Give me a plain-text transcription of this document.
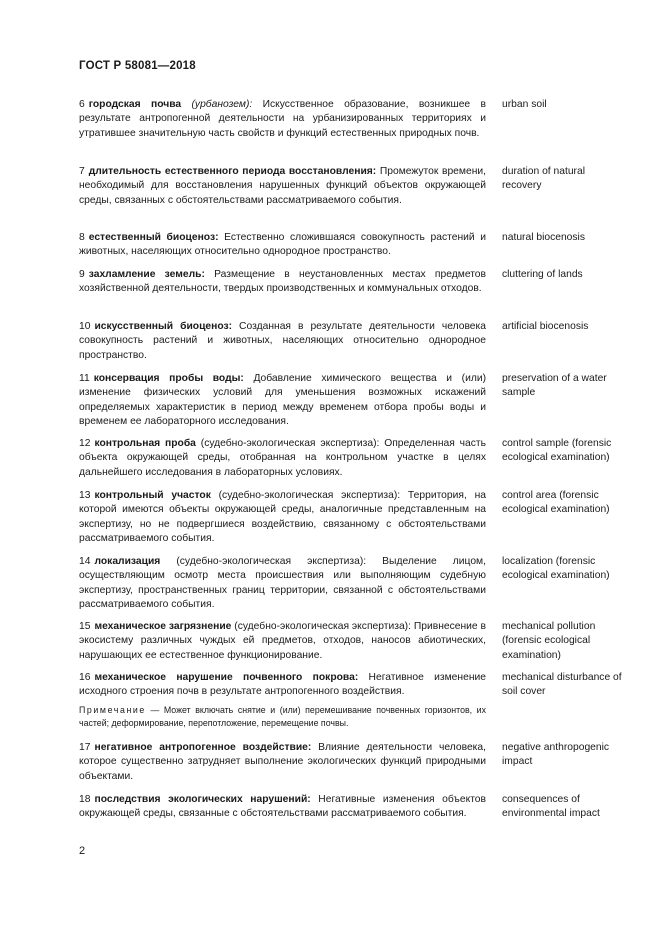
ГОСТ Р 58081—2018
6 городская почва (урбанозем): Искусственное образование, возникшее в результате антропогенной деятельности на урбанизированных территориях и утратившее значительную часть свойств и функций естественных природных почв.
urban soil
7 длительность естественного периода восстановления: Промежуток времени, необходимый для восстановления нарушенных функций объектов окружающей среды, связанных с обстоятельствами рассматриваемого события.
duration of natural recovery
8 естественный биоценоз: Естественно сложившаяся совокупность растений и животных, населяющих относительно однородное пространство.
natural biocenosis
9 захламление земель: Размещение в неустановленных местах предметов хозяйственной деятельности, твердых производственных и коммунальных отходов.
cluttering of lands
10 искусственный биоценоз: Созданная в результате деятельности человека совокупность растений и животных, населяющих относительно однородное пространство.
artificial biocenosis
11 консервация пробы воды: Добавление химического вещества и (или) изменение физических условий для уменьшения возможных искажений определяемых характеристик в период между временем отбора пробы воды и временем ее лабораторного исследования.
preservation of a water sample
12 контрольная проба (судебно-экологическая экспертиза): Определенная часть объекта окружающей среды, отобранная на контрольном участке в целях дальнейшего исследования в лабораторных условиях.
control sample (forensic ecological examination)
13 контрольный участок (судебно-экологическая экспертиза): Территория, на которой имеются объекты окружающей среды, аналогичные представленным на экспертизу, но не подвергшиеся воздействию, связанному с обстоятельствами рассматриваемого события.
control area (forensic ecological examination)
14 локализация (судебно-экологическая экспертиза): Выделение лицом, осуществляющим осмотр места происшествия или выполняющим судебную экспертизу, пространственных границ территории, связанной с обстоятельствами рассматриваемого события.
localization (forensic ecological examination)
15 механическое загрязнение (судебно-экологическая экспертиза): Привнесение в экосистему различных чуждых ей предметов, отходов, наносов абиотических, нарушающих ее естественное функционирование.
mechanical pollution (forensic ecological examination)
16 механическое нарушение почвенного покрова: Негативное изменение исходного строения почв в результате антропогенного воздействия.
Примечание — Может включать снятие и (или) перемешивание почвенных горизонтов, их частей; деформирование, перепотложение, перемещение почвы.
mechanical disturbance of soil cover
17 негативное антропогенное воздействие: Влияние деятельности человека, которое существенно затрудняет выполнение экологических функций природными объектами.
negative anthropogenic impact
18 последствия экологических нарушений: Негативные изменения объектов окружающей среды, связанные с обстоятельствами рассматриваемого события.
consequences of environmental impact
2
